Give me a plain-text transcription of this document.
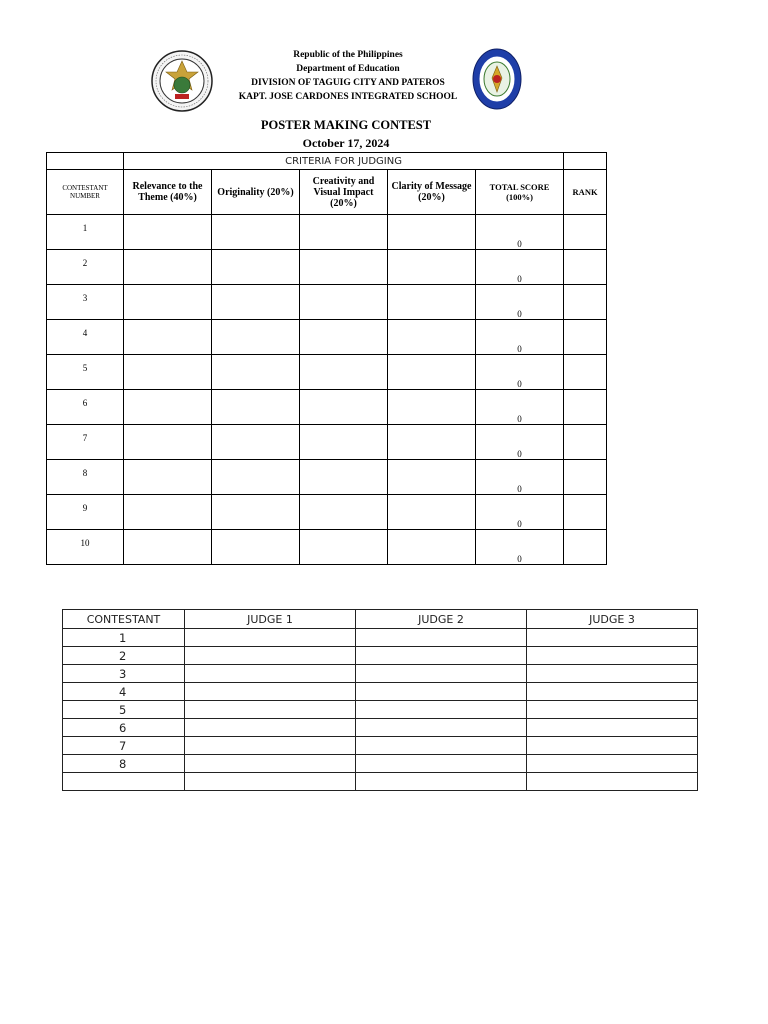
Republic of the Philippines
Department of Education
DIVISION OF TAGUIG CITY AND PATEROS
KAPT. JOSE CARDONES INTEGRATED SCHOOL
POSTER MAKING CONTEST
October 17, 2024
	CRITERIA FOR JUDGING					
CONTESTANT NUMBER	Relevance to the Theme (40%)	Originality (20%)	Creativity and Visual Impact (20%)	Clarity of Message (20%)	TOTAL SCORE (100%)	RANK
1					0	
2					0	
3					0	
4					0	
5					0	
6					0	
7					0	
8					0	
9					0	
10					0	
CONTESTANT	JUDGE 1	JUDGE 2	JUDGE 3
1			
2			
3			
4			
5			
6			
7			
8			
